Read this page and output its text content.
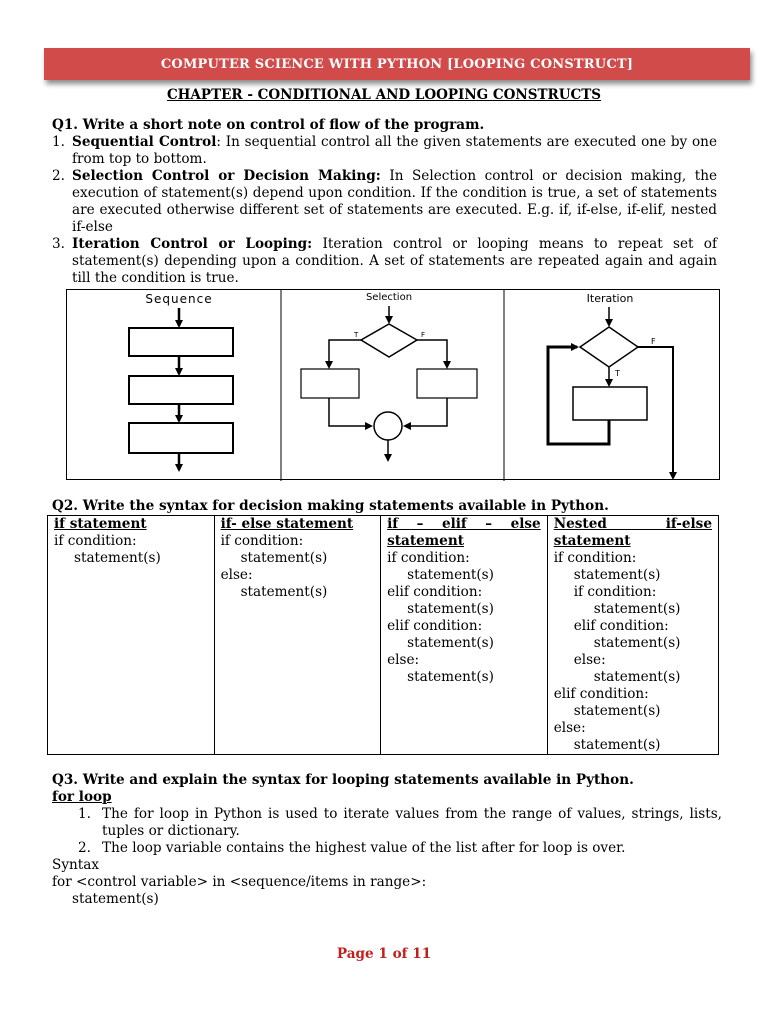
COMPUTER SCIENCE WITH PYTHON [LOOPING CONSTRUCT]
CHAPTER - CONDITIONAL AND LOOPING CONSTRUCTS
Q1. Write a short note on control of flow of the program.
1. Sequential Control: In sequential control all the given statements are executed one by one from top to bottom.

2. Selection Control or Decision Making: In Selection control or decision making, the execution of statement(s) depend upon condition. If the condition is true, a set of statements are executed otherwise different set of statements are executed. E.g. if, if-else, if-elif, nested if-else

3. Iteration Control or Looping: Iteration control or looping means to repeat set of statement(s) depending upon a condition. A set of statements are repeated again and again till the condition is true.

Sequence	Selection
T	F
Iteration
F
T
Q2. Write the syntax for decision making statements available in Python.
if statement
if condition:
statement(s)

if- else statement
if condition:
statement(s)
else:
statement(s)

if – elif – else statement
if condition:
statement(s)
elif condition:
statement(s)
elif condition:
statement(s)
else:
statement(s)

Nested if-else statement
if condition:
statement(s)
if condition:
statement(s)
elif condition:
statement(s)
else:
statement(s)
elif condition:
statement(s)
else:
statement(s)
Q3. Write and explain the syntax for looping statements available in Python.
for loop
1. The for loop in Python is used to iterate values from the range of values, strings, lists, tuples or dictionary.

2. The loop variable contains the highest value of the list after for loop is over.

Syntax
for <control variable> in <sequence/items in range>:
statement(s)
Page 1 of 11
